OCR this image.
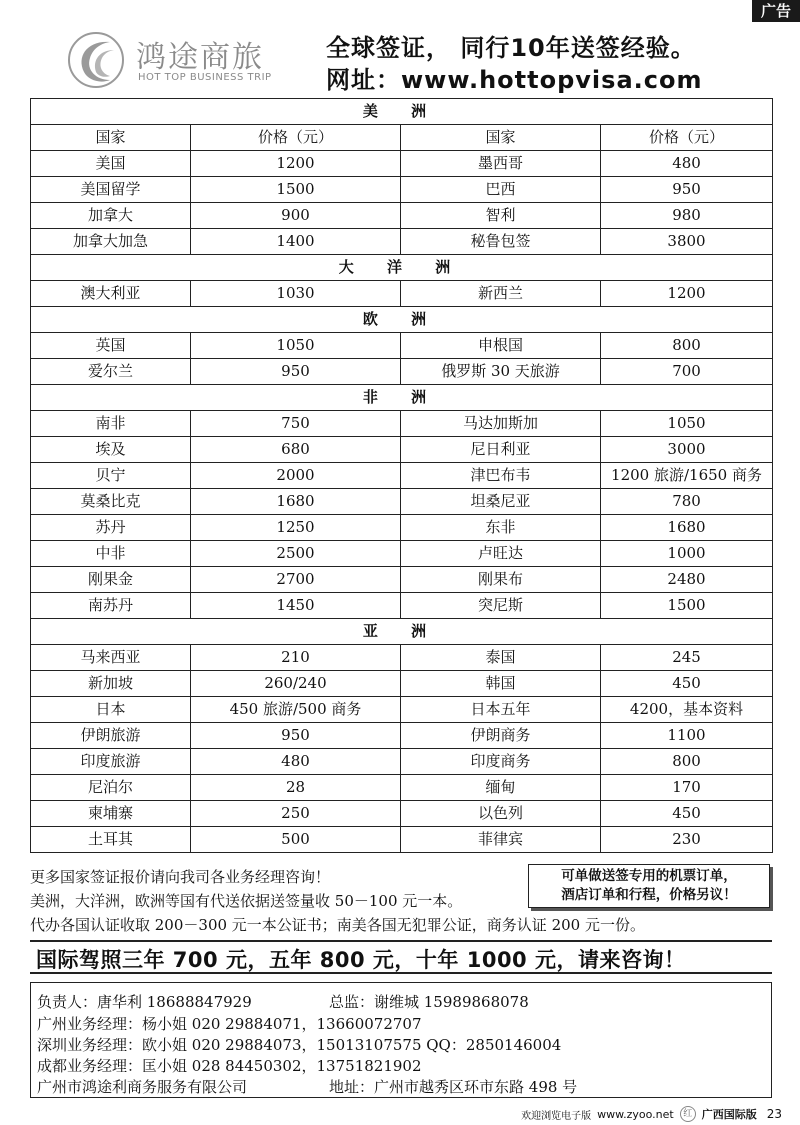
广告
鸿途商旅
HOT TOP BUSINESS TRIP
全球签证， 同行10年送签经验。
网址：www.hottopvisa.com
美 洲			
国家	价格（元）	国家	价格（元）
美国	1200	墨西哥	480
美国留学	1500	巴西	950
加拿大	900	智利	980
加拿大加急	1400	秘鲁包签	3800
大 洋 洲			
澳大利亚	1030	新西兰	1200
欧 洲			
英国	1050	申根国	800
爱尔兰	950	俄罗斯 30 天旅游	700
非 洲			
南非	750	马达加斯加	1050
埃及	680	尼日利亚	3000
贝宁	2000	津巴布韦	1200 旅游/1650 商务
莫桑比克	1680	坦桑尼亚	780
苏丹	1250	东非	1680
中非	2500	卢旺达	1000
刚果金	2700	刚果布	2480
南苏丹	1450	突尼斯	1500
亚 洲			
马来西亚	210	泰国	245
新加坡	260/240	韩国	450
日本	450 旅游/500 商务	日本五年	4200，基本资料
伊朗旅游	950	伊朗商务	1100
印度旅游	480	印度商务	800
尼泊尔	28	缅甸	170
柬埔寨	250	以色列	450
土耳其	500	菲律宾	230
更多国家签证报价请向我司各业务经理咨询！
美洲，大洋洲，欧洲等国有代送依据送签量收 50－100 元一本。
代办各国认证收取 200－300 元一本公证书；南美各国无犯罪公证，商务认证 200 元一份。
可单做送签专用的机票订单，
酒店订单和行程，价格另议！
国际驾照三年 700 元，五年 800 元，十年 1000 元，请来咨询！
负责人：唐华利 18688847929	总监：谢维城 15989868078
广州业务经理：杨小姐 020 29884071，13660072707
深圳业务经理：欧小姐 020 29884073，15013107575 QQ：2850146004
成都业务经理：匡小姐 028 84450302，13751821902
广州市鸿途利商务服务有限公司	地址：广州市越秀区环市东路 498 号
欢迎浏览电子版 www.zyoo.net	红 广西国际版 23
